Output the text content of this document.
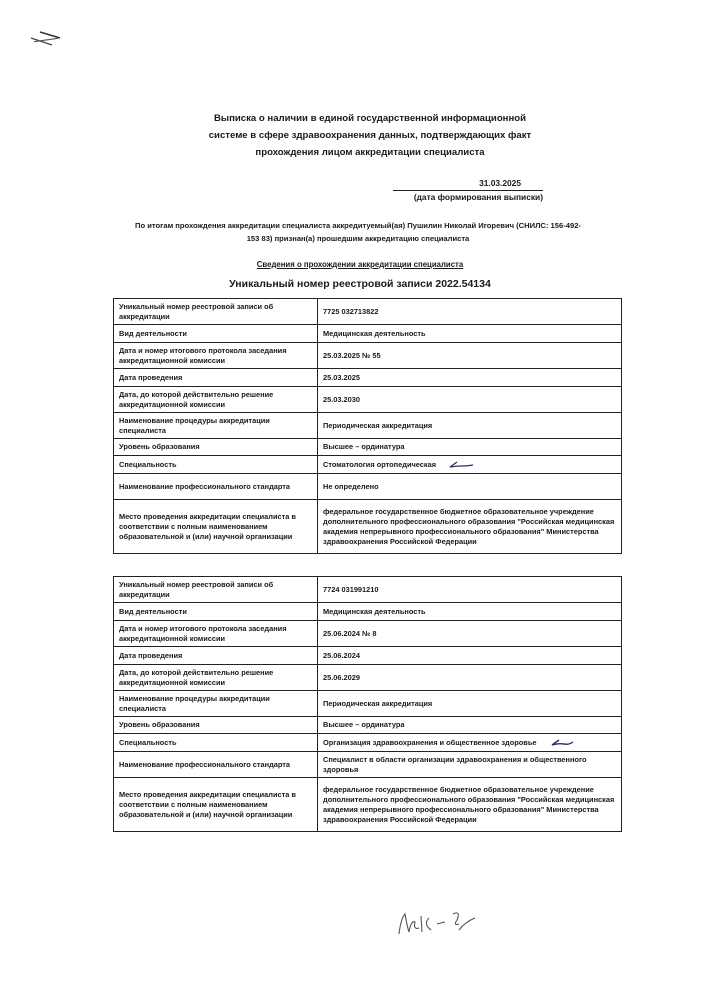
Выписка о наличии в единой государственной информационной
системе в сфере здравоохранения данных, подтверждающих факт
прохождения лицом аккредитации специалиста
31.03.2025
(дата формирования выписки)
По итогам прохождения аккредитации специалиста аккредитуемый(ая) Пушилин Николай Игоревич (СНИЛС: 156-492-
153 83) признан(а) прошедшим аккредитацию специалиста
Сведения о прохождении аккредитации специалиста
Уникальный номер реестровой записи 2022.54134
Уникальный номер реестровой записи об аккредитации	7725 032713822
Вид деятельности	Медицинская деятельность
Дата и номер итогового протокола заседания аккредитационной комиссии	25.03.2025 № 55
Дата проведения	25.03.2025
Дата, до которой действительно решение аккредитационной комиссии	25.03.2030
Наименование процедуры аккредитации специалиста	Периодическая аккредитация
Уровень образования	Высшее – ординатура
Специальность	Стоматология ортопедическая
Наименование профессионального стандарта	Не определено
Место проведения аккредитации специалиста в соответствии с полным наименованием образовательной и (или) научной организации	федеральное государственное бюджетное образовательное учреждение дополнительного профессионального образования "Российская медицинская академия непрерывного профессионального образования" Министерства здравоохранения Российской Федерации
Уникальный номер реестровой записи об аккредитации	7724 031991210
Вид деятельности	Медицинская деятельность
Дата и номер итогового протокола заседания аккредитационной комиссии	25.06.2024 № 8
Дата проведения	25.06.2024
Дата, до которой действительно решение аккредитационной комиссии	25.06.2029
Наименование процедуры аккредитации специалиста	Периодическая аккредитация
Уровень образования	Высшее – ординатура
Специальность	Организация здравоохранения и общественное здоровье
Наименование профессионального стандарта	Специалист в области организации здравоохранения и общественного здоровья
Место проведения аккредитации специалиста в соответствии с полным наименованием образовательной и (или) научной организации	федеральное государственное бюджетное образовательное учреждение дополнительного профессионального образования "Российская медицинская академия непрерывного профессионального образования" Министерства здравоохранения Российской Федерации
